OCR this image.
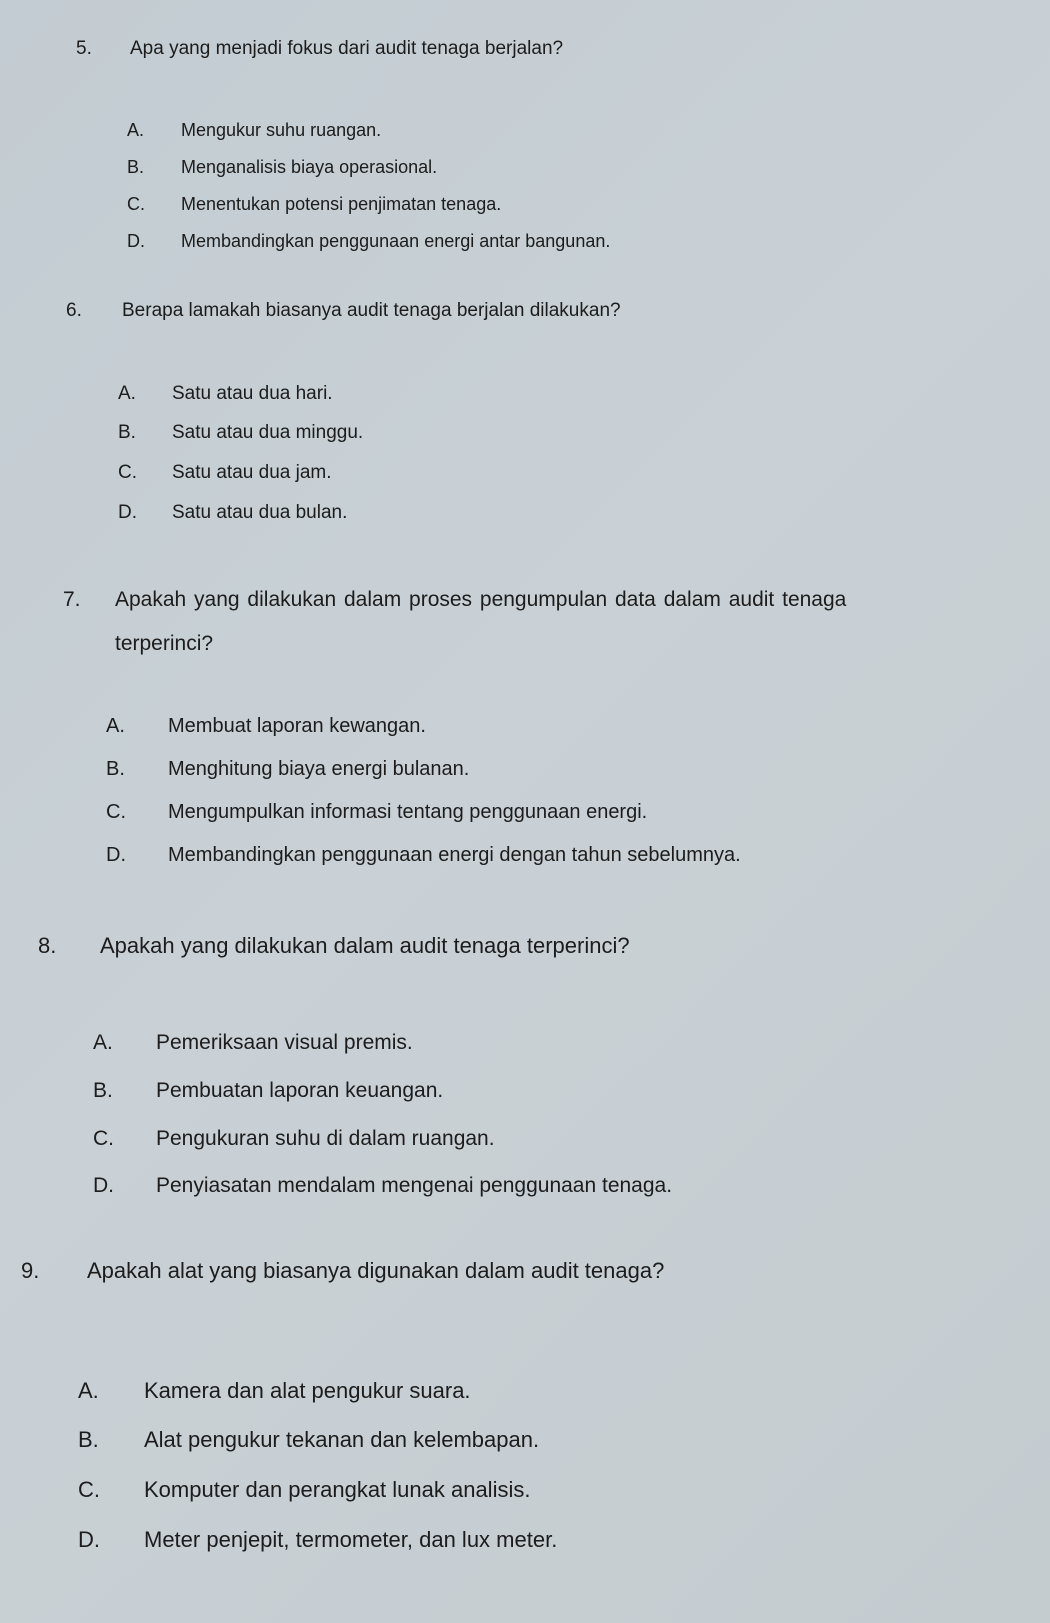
5.	Apa yang menjadi fokus dari audit tenaga berjalan?
A.	Mengukur suhu ruangan.
B.	Menganalisis biaya operasional.
C.	Menentukan potensi penjimatan tenaga.
D.	Membandingkan penggunaan energi antar bangunan.
6.	Berapa lamakah biasanya audit tenaga berjalan dilakukan?
A.	Satu atau dua hari.
B.	Satu atau dua minggu.
C.	Satu atau dua jam.
D.	Satu atau dua bulan.
7.	Apakah yang dilakukan dalam proses pengumpulan data dalam audit tenaga
terperinci?
A.	Membuat laporan kewangan.
B.	Menghitung biaya energi bulanan.
C.	Mengumpulkan informasi tentang penggunaan energi.
D.	Membandingkan penggunaan energi dengan tahun sebelumnya.
8.	Apakah yang dilakukan dalam audit tenaga terperinci?
A.	Pemeriksaan visual premis.
B.	Pembuatan laporan keuangan.
C.	Pengukuran suhu di dalam ruangan.
D.	Penyiasatan mendalam mengenai penggunaan tenaga.
9.	Apakah alat yang biasanya digunakan dalam audit tenaga?
A.	Kamera dan alat pengukur suara.
B.	Alat pengukur tekanan dan kelembapan.
C.	Komputer dan perangkat lunak analisis.
D.	Meter penjepit, termometer, dan lux meter.
